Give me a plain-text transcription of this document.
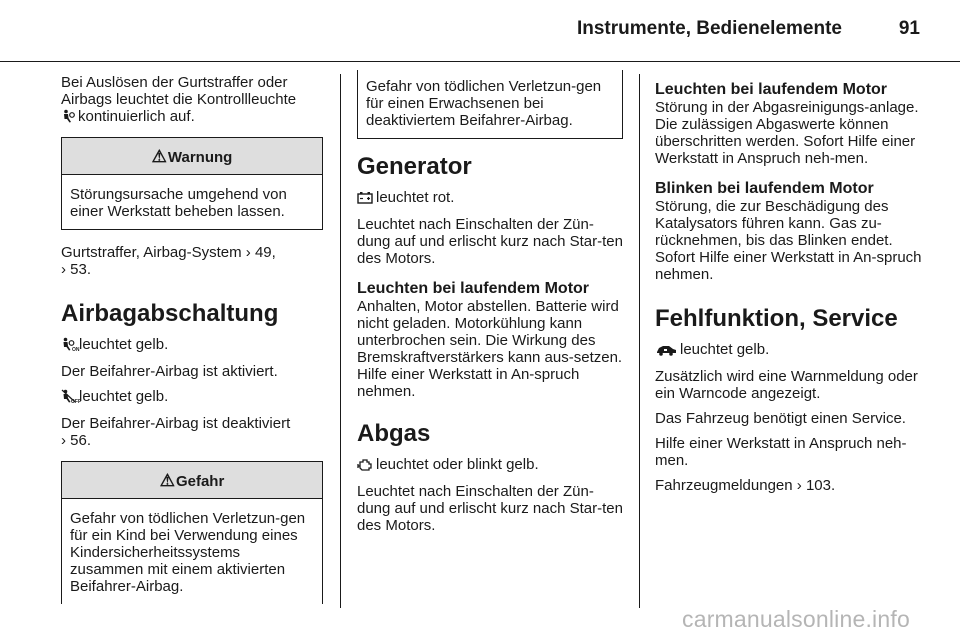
Instrumente, Bedienelemente	91
Bei Auslösen der Gurtstraffer oder Airbags leuchtet die Kontrollleuchte
kontinuierlich auf.
⚠Warnung
Störungsursache umgehend von einer Werkstatt beheben lassen.
Gurtstraffer, Airbag-System › 49,
› 53.
Airbagabschaltung
ON leuchtet gelb.
Der Beifahrer-Airbag ist aktiviert.
OFF
leuchtet gelb.
Der Beifahrer-Airbag ist deaktiviert
› 56.
⚠Gefahr
Gefahr von tödlichen Verletzun-gen für ein Kind bei Verwendung eines Kindersicherheitssystems zusammen mit einem aktivierten Beifahrer-Airbag.
Gefahr von tödlichen Verletzun-gen für einen Erwachsenen bei deaktiviertem Beifahrer-Airbag.
Generator
leuchtet rot.
Leuchtet nach Einschalten der Zün-dung auf und erlischt kurz nach Star-ten des Motors.
Leuchten bei laufendem Motor
Anhalten, Motor abstellen. Batterie wird nicht geladen. Motorkühlung kann unterbrochen sein. Die Wirkung des Bremskraftverstärkers kann aus-setzen. Hilfe einer Werkstatt in An-spruch nehmen.
Abgas
leuchtet oder blinkt gelb.
Leuchtet nach Einschalten der Zün-dung auf und erlischt kurz nach Star-ten des Motors.
Leuchten bei laufendem Motor
Störung in der Abgasreinigungs-anlage. Die zulässigen Abgaswerte können überschritten werden. Sofort Hilfe einer Werkstatt in Anspruch neh-men.
Blinken bei laufendem Motor
Störung, die zur Beschädigung des Katalysators führen kann. Gas zu-rücknehmen, bis das Blinken endet. Sofort Hilfe einer Werkstatt in An-spruch nehmen.
Fehlfunktion, Service
leuchtet gelb.
Zusätzlich wird eine Warnmeldung oder ein Warncode angezeigt.
Das Fahrzeug benötigt einen Service.
Hilfe einer Werkstatt in Anspruch neh-men.
Fahrzeugmeldungen › 103.
carmanualsonline.info
